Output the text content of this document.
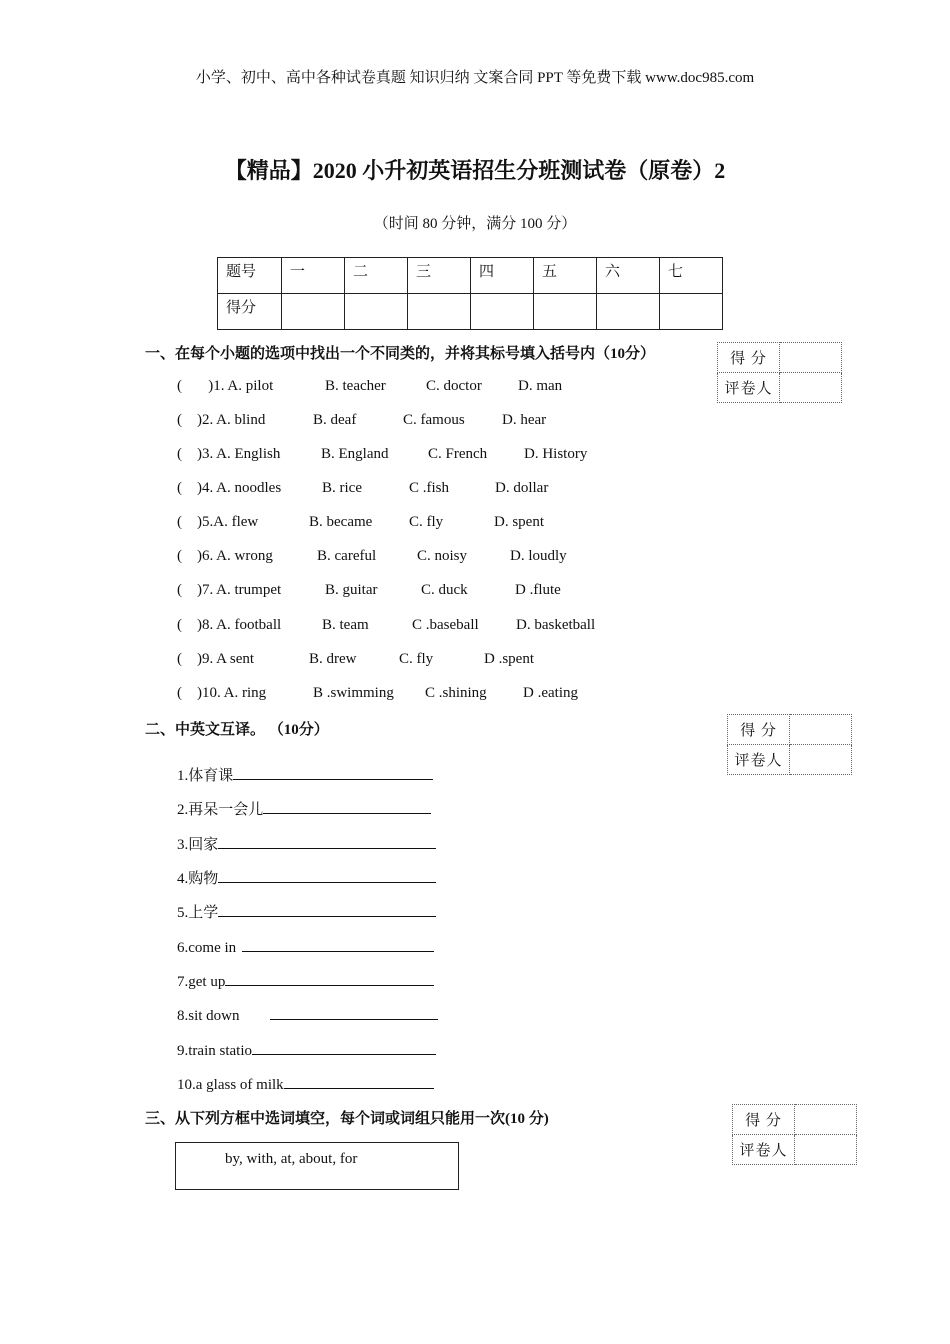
小学、初中、高中各种试卷真题 知识归纳 文案合同 PPT 等免费下载 www.doc985.com
【精品】2020 小升初英语招生分班测试卷（原卷）2
（时间 80 分钟，满分 100 分）
题号	一	二	三	四	五	六	七
得分							
一、在每个小题的选项中找出一个不同类的，并将其标号填入括号内（10分）	得 分	
评卷人	
(       )1. A. pilot	B. teacher	C. doctor D. man
(    )2. A. blind	B. deaf	C. famous D. hear
(    )3. A. English	B. England	C. French D. History
(    )4. A. noodles	B. rice	C .fish	D. dollar
(    )5.A. flew	B. became C. fly	D. spent
(    )6. A. wrong	B. careful	C. noisy	D. loudly
(    )7. A. trumpet	B. guitar	C. duck	D .flute
(    )8. A. football	B. team	C .baseball D. basketball
(    )9. A sent	B. drew	C. fly	D .spent
(    )10. A. ring	B .swimming C .shining D .eating
二、中英文互译。 （10分）	得 分	
评卷人	
1.体育课
2.再呆一会儿
3.回家
4.购物
5.上学
6.come in
7.get up
8.sit down
9.train statio
10.a glass of milk
三、从下列方框中选词填空，每个词或词组只能用一次(10 分)	得 分	
评卷人	
by, with, at, about, for
